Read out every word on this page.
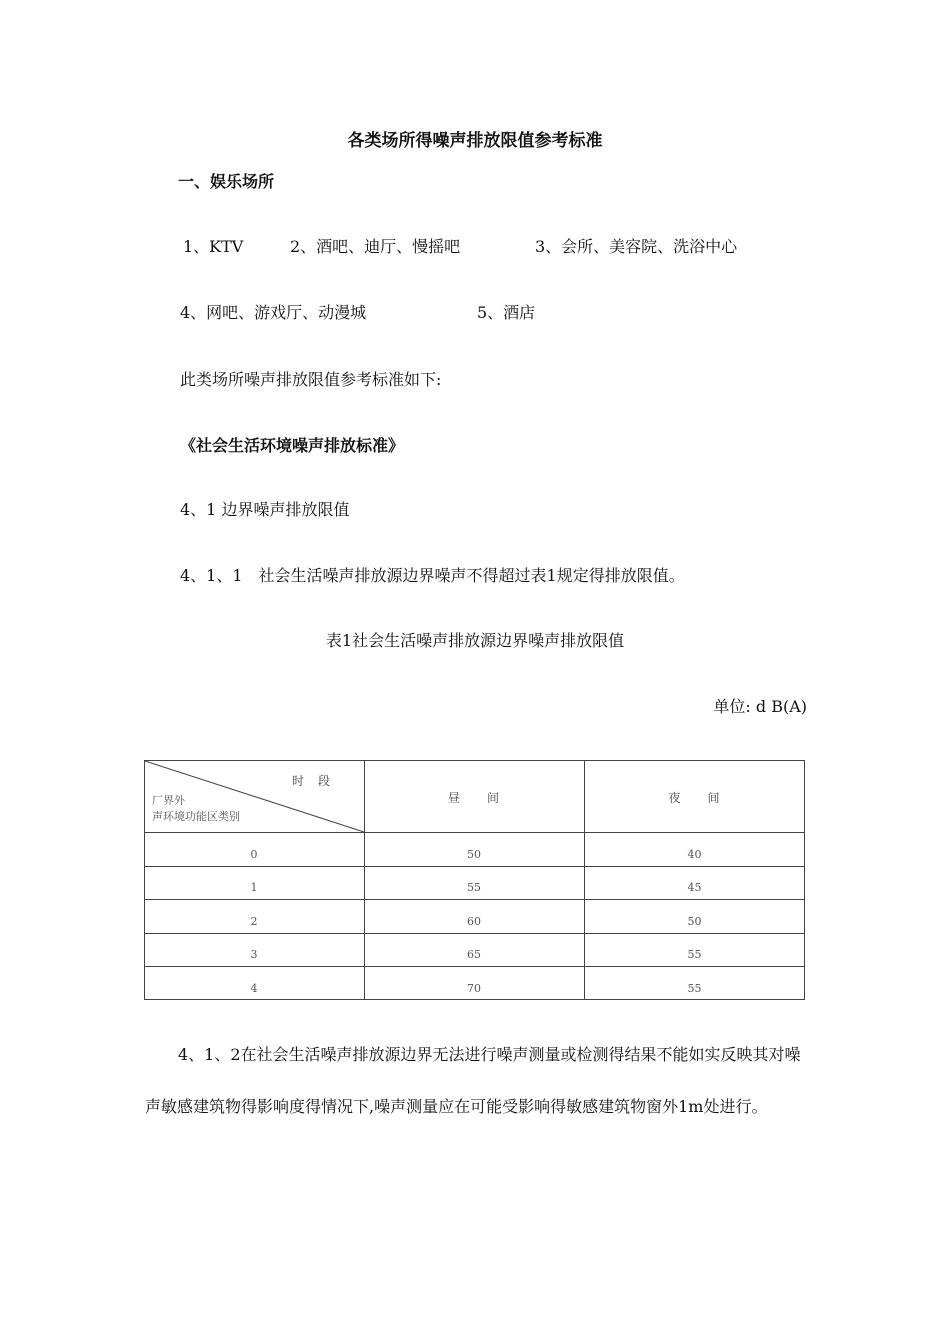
各类场所得噪声排放限值参考标准
一、娱乐场所
1、KTV	2、酒吧、迪厅、慢摇吧	3、会所、美容院、洗浴中心
4、网吧、游戏厅、动漫城	5、酒店
此类场所噪声排放限值参考标准如下:
《社会生活环境噪声排放标准》
4、1 边界噪声排放限值
4、1、1　社会生活噪声排放源边界噪声不得超过表1规定得排放限值。
表1社会生活噪声排放源边界噪声排放限值
单位: d B(A)
时　段
厂界外
声环境功能区类别
昼　　间	夜　　间
0	50	40
1	55	45
2	60	50
3	65	55
4	70	55
4、1、2在社会生活噪声排放源边界无法进行噪声测量或检测得结果不能如实反映其对噪声敏感建筑物得影响度得情况下,噪声测量应在可能受影响得敏感建筑物窗外1m处进行。
